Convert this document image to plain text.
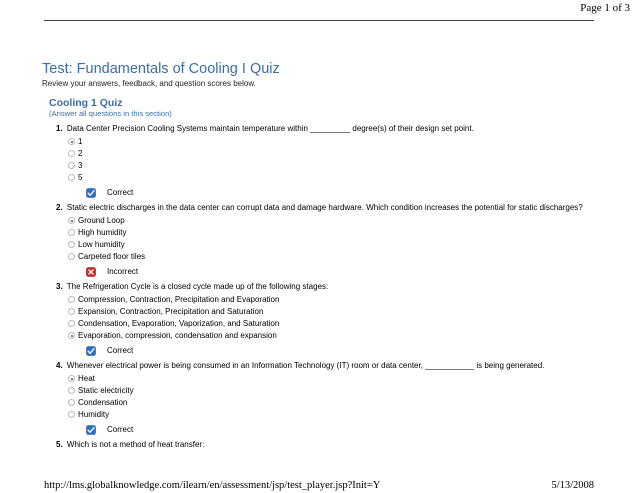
Page 1 of 3
Test: Fundamentals of Cooling I Quiz
Review your answers, feedback, and question scores below.
Cooling 1 Quiz
(Answer all questions in this section)
1. Data Center Precision Cooling Systems maintain temperature within _________ degree(s) of their design set point.
1
2
3
5
Correct
2. Static electric discharges in the data center can corrupt data and damage hardware. Which condition increases the potential for static discharges?
Ground Loop
High humidity
Low humidity
Carpeted floor tiles
Incorrect
3. The Refrigeration Cycle is a closed cycle made up of the following stages:
Compression, Contraction, Precipitation and Evaporation
Expansion, Contraction, Precipitation and Saturation
Condensation, Evaporation, Vaporization, and Saturation
Evaporation, compression, condensation and expansion
Correct
4. Whenever electrical power is being consumed in an Information Technology (IT) room or data center, ___________ is being generated.
Heat
Static electricity
Condensation
Humidity
Correct
5. Which is not a method of heat transfer:
http://lms.globalknowledge.com/ilearn/en/assessment/jsp/test_player.jsp?Init=Y	5/13/2008
